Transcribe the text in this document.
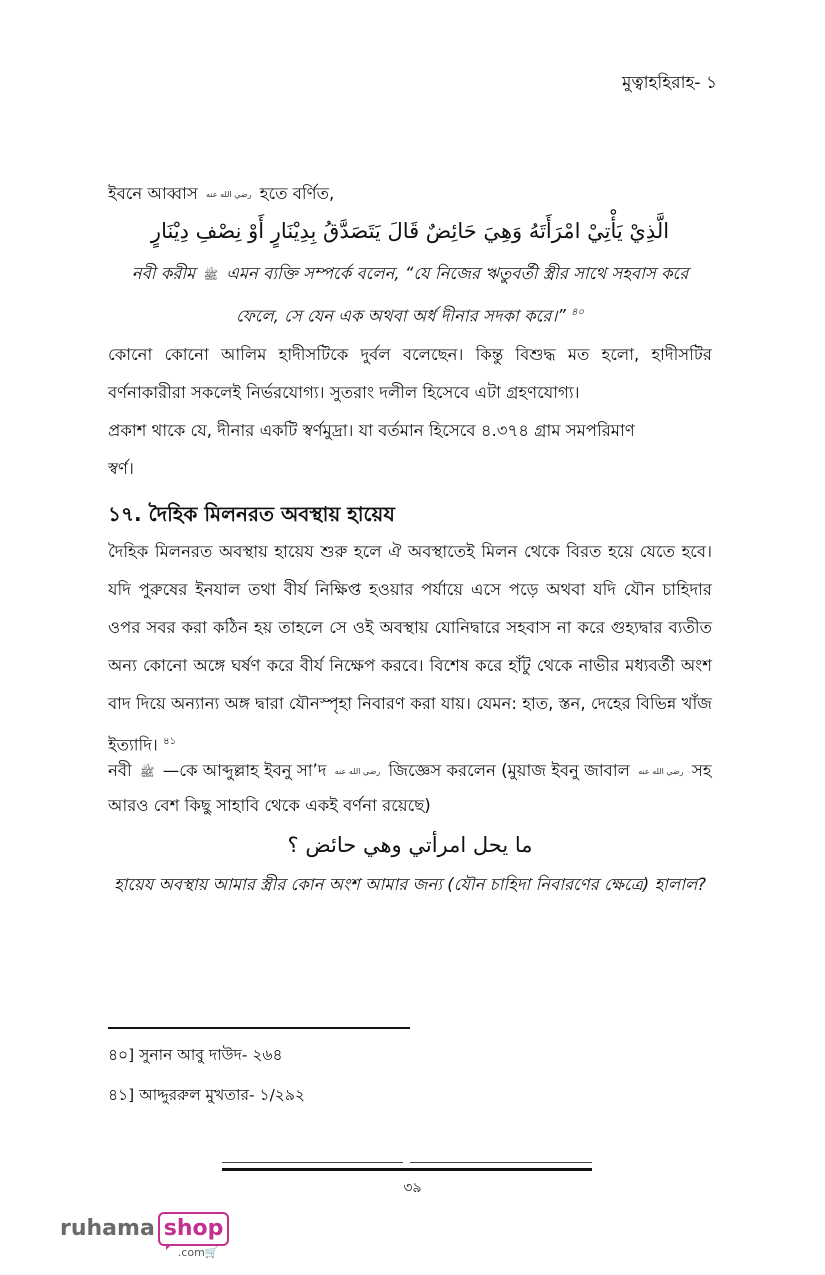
মুত্বাহহিরাহ- ১

ইবনে আব্বাস رضي الله عنه হতে বর্ণিত,

الَّذِيْ يَأْتِيْ امْرَأَتَهُ وَهِيَ حَائِضٌ قَالَ يَتَصَدَّقُ بِدِيْنَارٍ أَوْ نِصْفِ دِيْنَارٍ

নবী করীম ﷺ এমন ব্যক্তি সম্পর্কে বলেন, “যে নিজের ঋতুবর্তী স্ত্রীর সাথে সহবাস করে ফেলে, সে যেন এক অথবা অর্ধ দীনার সদকা করে।” $^{৪০}$

কোনো কোনো আলিম হাদীসটিকে দুর্বল বলেছেন। কিন্তু বিশুদ্ধ মত হলো, হাদীসটির বর্ণনাকারীরা সকলেই নির্ভরযোগ্য। সুতরাং দলীল হিসেবে এটা গ্রহণযোগ্য।

প্রকাশ থাকে যে, দীনার একটি স্বর্ণমুদ্রা। যা বর্তমান হিসেবে ৪.৩৭৪ গ্রাম সমপরিমাণ স্বর্ণ।

১৭. দৈহিক মিলনরত অবস্থায় হায়েয

দৈহিক মিলনরত অবস্থায় হায়েয শুরু হলে ঐ অবস্থাতেই মিলন থেকে বিরত হয়ে যেতে হবে। যদি পুরুষের ইনযাল তথা বীর্য নিক্ষিপ্ত হওয়ার পর্যায়ে এসে পড়ে অথবা যদি যৌন চাহিদার ওপর সবর করা কঠিন হয় তাহলে সে ওই অবস্থায় যোনিদ্বারে সহবাস না করে গুহ্যদ্বার ব্যতীত অন্য কোনো অঙ্গে ঘর্ষণ করে বীর্য নিক্ষেপ করবে। বিশেষ করে হাঁটু থেকে নাভীর মধ্যবর্তী অংশ বাদ দিয়ে অন্যান্য অঙ্গ দ্বারা যৌনস্পৃহা নিবারণ করা যায়। যেমন: হাত, স্তন, দেহের বিভিন্ন খাঁজ ইত্যাদি। $^{৪১}$

নবী ﷺ —কে আব্দুল্লাহ ইবনু সা’দ رضي الله عنه জিজ্ঞেস করলেন (মুয়াজ ইবনু জাবাল رضي الله عنه সহ আরও বেশ কিছু সাহাবি থেকে একই বর্ণনা রয়েছে)

ما يحل امرأتي وهي حائض ؟

হায়েয অবস্থায় আমার স্ত্রীর কোন অংশ আমার জন্য (যৌন চাহিদা নিবারণের ক্ষেত্রে) হালাল?

৪০] সুনান আবু দাউদ- ২৬৪
৪১] আদ্দুররুল মুখতার- ১/২৯২
৩৯
ruhama shop
.com🛒
